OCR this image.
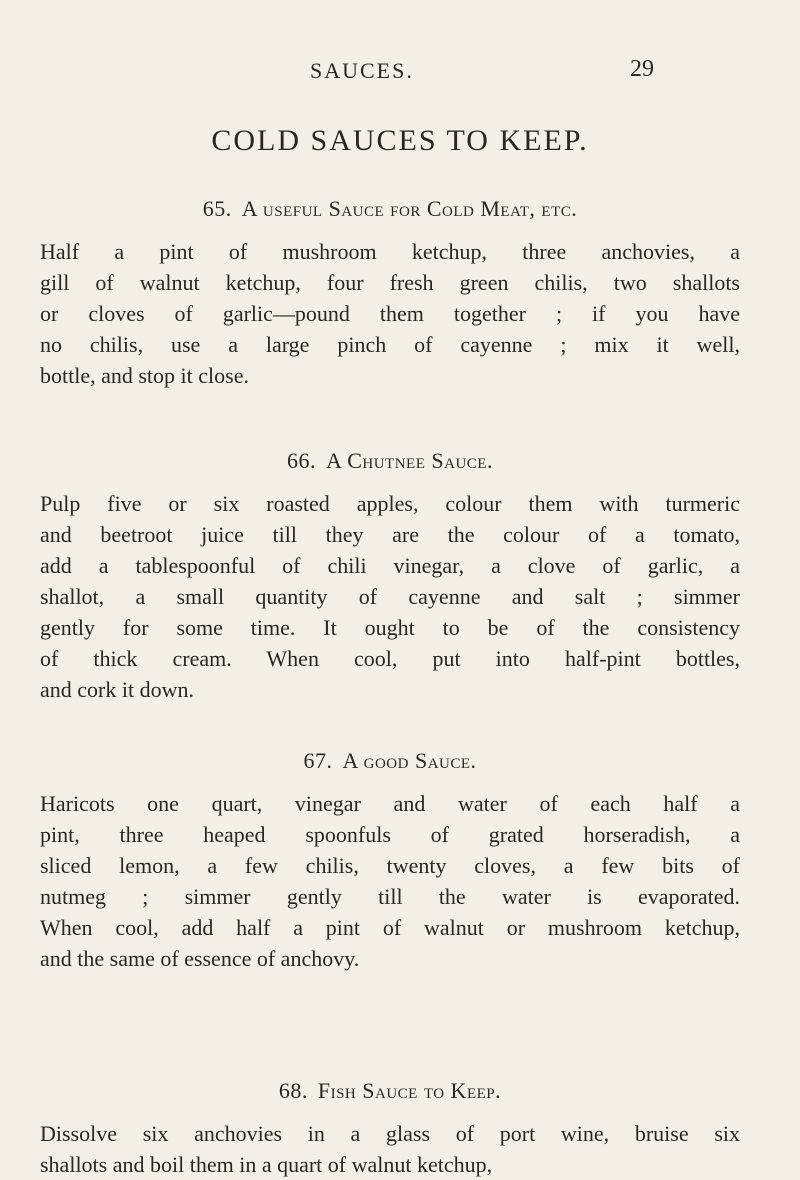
SAUCES.	29
COLD SAUCES TO KEEP.
65. A useful Sauce for Cold Meat, etc.
Half a pint of mushroom ketchup, three anchovies, a
gill of walnut ketchup, four fresh green chilis, two shallots
or cloves of garlic—pound them together ; if you have
no chilis, use a large pinch of cayenne ; mix it well,
bottle, and stop it close.
66. A Chutnee Sauce.
Pulp five or six roasted apples, colour them with turmeric
and beetroot juice till they are the colour of a tomato,
add a tablespoonful of chili vinegar, a clove of garlic, a
shallot, a small quantity of cayenne and salt ; simmer
gently for some time. It ought to be of the consistency
of thick cream. When cool, put into half-pint bottles,
and cork it down.
67. A good Sauce.
Haricots one quart, vinegar and water of each half a
pint, three heaped spoonfuls of grated horseradish, a
sliced lemon, a few chilis, twenty cloves, a few bits of
nutmeg ; simmer gently till the water is evaporated.
When cool, add half a pint of walnut or mushroom ketchup,
and the same of essence of anchovy.
68. Fish Sauce to Keep.
Dissolve six anchovies in a glass of port wine, bruise six
shallots and boil them in a quart of walnut ketchup,
